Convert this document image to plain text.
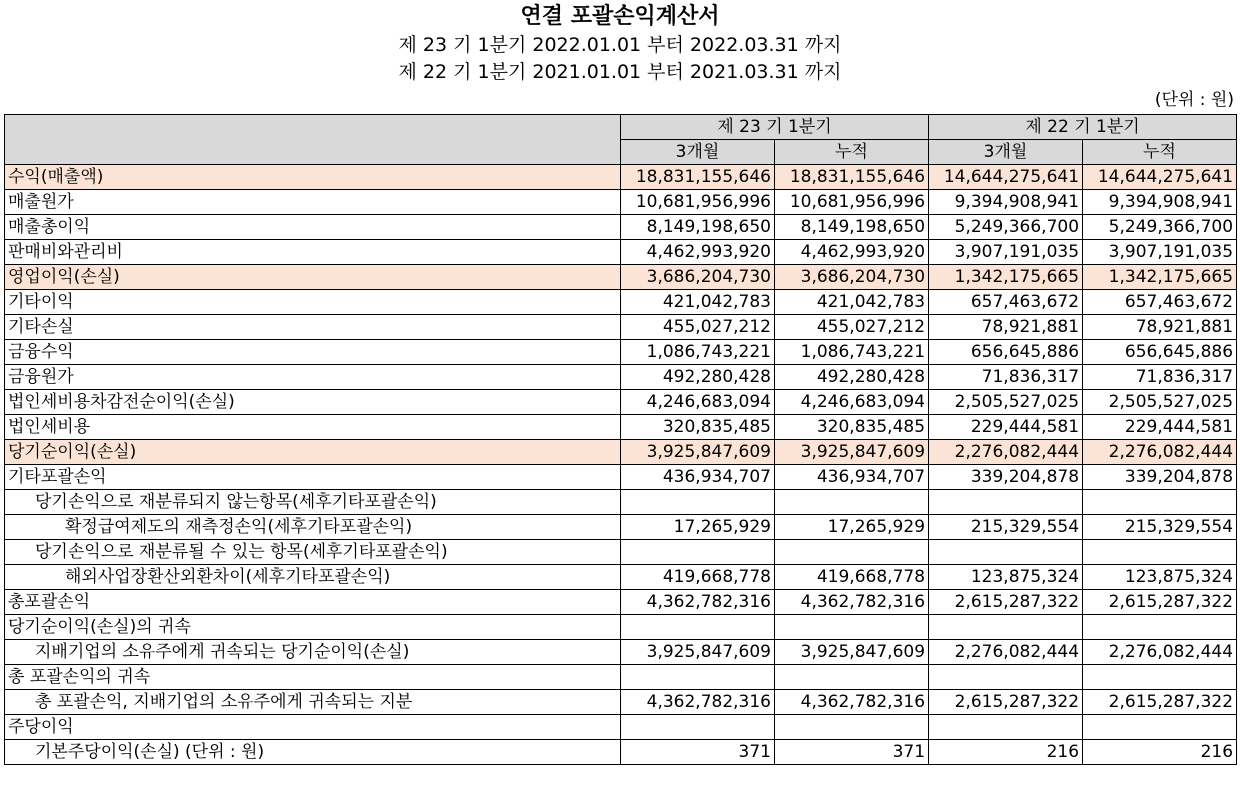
연결 포괄손익계산서
제 23 기 1분기 2022.01.01 부터 2022.03.31 까지
제 22 기 1분기 2021.01.01 부터 2021.03.31 까지
(단위 : 원)
	제 23 기 1분기		제 22 기 1분기	
	3개월	누적	3개월	누적
수익(매출액)	18,831,155,646	18,831,155,646	14,644,275,641	14,644,275,641
매출원가	10,681,956,996	10,681,956,996	9,394,908,941	9,394,908,941
매출총이익	8,149,198,650	8,149,198,650	5,249,366,700	5,249,366,700
판매비와관리비	4,462,993,920	4,462,993,920	3,907,191,035	3,907,191,035
영업이익(손실)	3,686,204,730	3,686,204,730	1,342,175,665	1,342,175,665
기타이익	421,042,783	421,042,783	657,463,672	657,463,672
기타손실	455,027,212	455,027,212	78,921,881	78,921,881
금융수익	1,086,743,221	1,086,743,221	656,645,886	656,645,886
금융원가	492,280,428	492,280,428	71,836,317	71,836,317
법인세비용차감전순이익(손실)	4,246,683,094	4,246,683,094	2,505,527,025	2,505,527,025
법인세비용	320,835,485	320,835,485	229,444,581	229,444,581
당기순이익(손실)	3,925,847,609	3,925,847,609	2,276,082,444	2,276,082,444
기타포괄손익	436,934,707	436,934,707	339,204,878	339,204,878
당기손익으로 재분류되지 않는항목(세후기타포괄손익)				
확정급여제도의 재측정손익(세후기타포괄손익)	17,265,929	17,265,929	215,329,554	215,329,554
당기손익으로 재분류될 수 있는 항목(세후기타포괄손익)				
해외사업장환산외환차이(세후기타포괄손익)	419,668,778	419,668,778	123,875,324	123,875,324
총포괄손익	4,362,782,316	4,362,782,316	2,615,287,322	2,615,287,322
당기순이익(손실)의 귀속				
지배기업의 소유주에게 귀속되는 당기순이익(손실)	3,925,847,609	3,925,847,609	2,276,082,444	2,276,082,444
총 포괄손익의 귀속				
총 포괄손익, 지배기업의 소유주에게 귀속되는 지분	4,362,782,316	4,362,782,316	2,615,287,322	2,615,287,322
주당이익				
기본주당이익(손실) (단위 : 원)	371	371	216	216
